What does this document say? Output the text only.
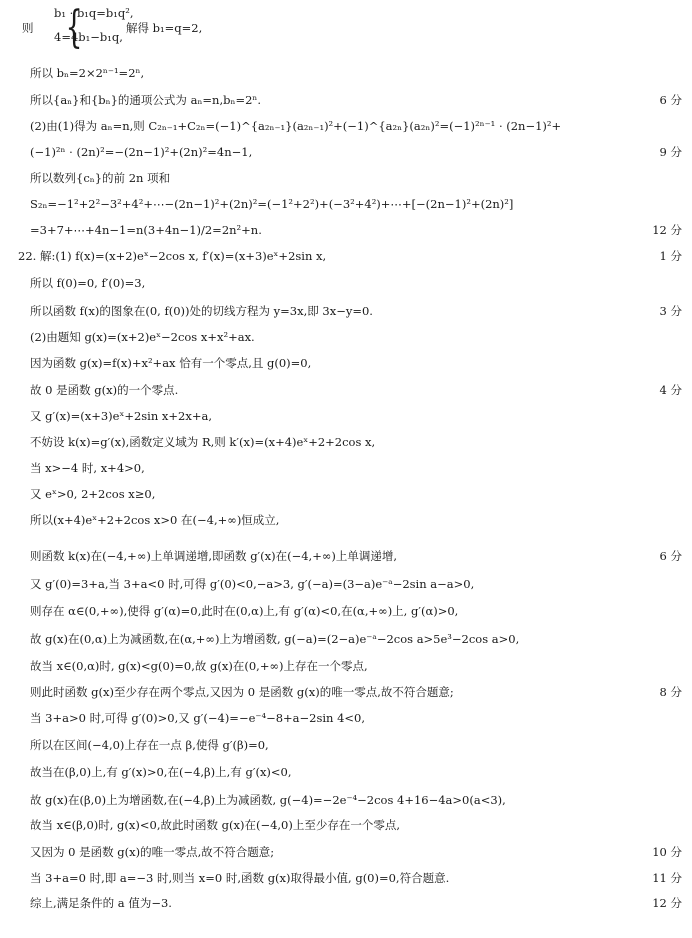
则 {
b₁ · b₁q=b₁q²,
4=4b₁−b₁q,
解得 b₁=q=2,
所以 bₙ=2×2ⁿ⁻¹=2ⁿ,
所以{aₙ}和{bₙ}的通项公式为 aₙ=n,bₙ=2ⁿ.	6 分
(2)由(1)得为 aₙ=n,则 C₂ₙ₋₁+C₂ₙ=(−1)^{a₂ₙ₋₁}(a₂ₙ₋₁)²+(−1)^{a₂ₙ}(a₂ₙ)²=(−1)²ⁿ⁻¹ · (2n−1)²+
(−1)²ⁿ · (2n)²=−(2n−1)²+(2n)²=4n−1,	9 分
所以数列{cₙ}的前 2n 项和
S₂ₙ=−1²+2²−3²+4²+⋯−(2n−1)²+(2n)²=(−1²+2²)+(−3²+4²)+⋯+[−(2n−1)²+(2n)²]
=3+7+⋯+4n−1=n(3+4n−1)/2=2n²+n.	12 分
22. 解:(1) f(x)=(x+2)eˣ−2cos x, f′(x)=(x+3)eˣ+2sin x,	1 分
所以 f(0)=0, f′(0)=3,
所以函数 f(x)的图象在(0, f(0))处的切线方程为 y=3x,即 3x−y=0.	3 分
(2)由题知 g(x)=(x+2)eˣ−2cos x+x²+ax.
因为函数 g(x)=f(x)+x²+ax 恰有一个零点,且 g(0)=0,
故 0 是函数 g(x)的一个零点.	4 分
又 g′(x)=(x+3)eˣ+2sin x+2x+a,
不妨设 k(x)=g′(x),函数定义域为 R,则 k′(x)=(x+4)eˣ+2+2cos x,
当 x>−4 时, x+4>0,
又 eˣ>0, 2+2cos x≥0,
所以(x+4)eˣ+2+2cos x>0 在(−4,+∞)恒成立,
则函数 k(x)在(−4,+∞)上单调递增,即函数 g′(x)在(−4,+∞)上单调递增,	6 分
又 g′(0)=3+a,当 3+a<0 时,可得 g′(0)<0,−a>3, g′(−a)=(3−a)e⁻ᵃ−2sin a−a>0,
则存在 α∈(0,+∞),使得 g′(α)=0,此时在(0,α)上,有 g′(α)<0,在(α,+∞)上, g′(α)>0,
故 g(x)在(0,α)上为减函数,在(α,+∞)上为增函数, g(−a)=(2−a)e⁻ᵃ−2cos a>5e³−2cos a>0,
故当 x∈(0,α)时, g(x)<g(0)=0,故 g(x)在(0,+∞)上存在一个零点,
则此时函数 g(x)至少存在两个零点,又因为 0 是函数 g(x)的唯一零点,故不符合题意;	8 分
当 3+a>0 时,可得 g′(0)>0,又 g′(−4)=−e⁻⁴−8+a−2sin 4<0,
所以在区间(−4,0)上存在一点 β,使得 g′(β)=0,
故当在(β,0)上,有 g′(x)>0,在(−4,β)上,有 g′(x)<0,
故 g(x)在(β,0)上为增函数,在(−4,β)上为减函数, g(−4)=−2e⁻⁴−2cos 4+16−4a>0(a<3),
故当 x∈(β,0)时, g(x)<0,故此时函数 g(x)在(−4,0)上至少存在一个零点,
又因为 0 是函数 g(x)的唯一零点,故不符合题意;	10 分
当 3+a=0 时,即 a=−3 时,则当 x=0 时,函数 g(x)取得最小值, g(0)=0,符合题意.	11 分
综上,满足条件的 a 值为−3.	12 分
